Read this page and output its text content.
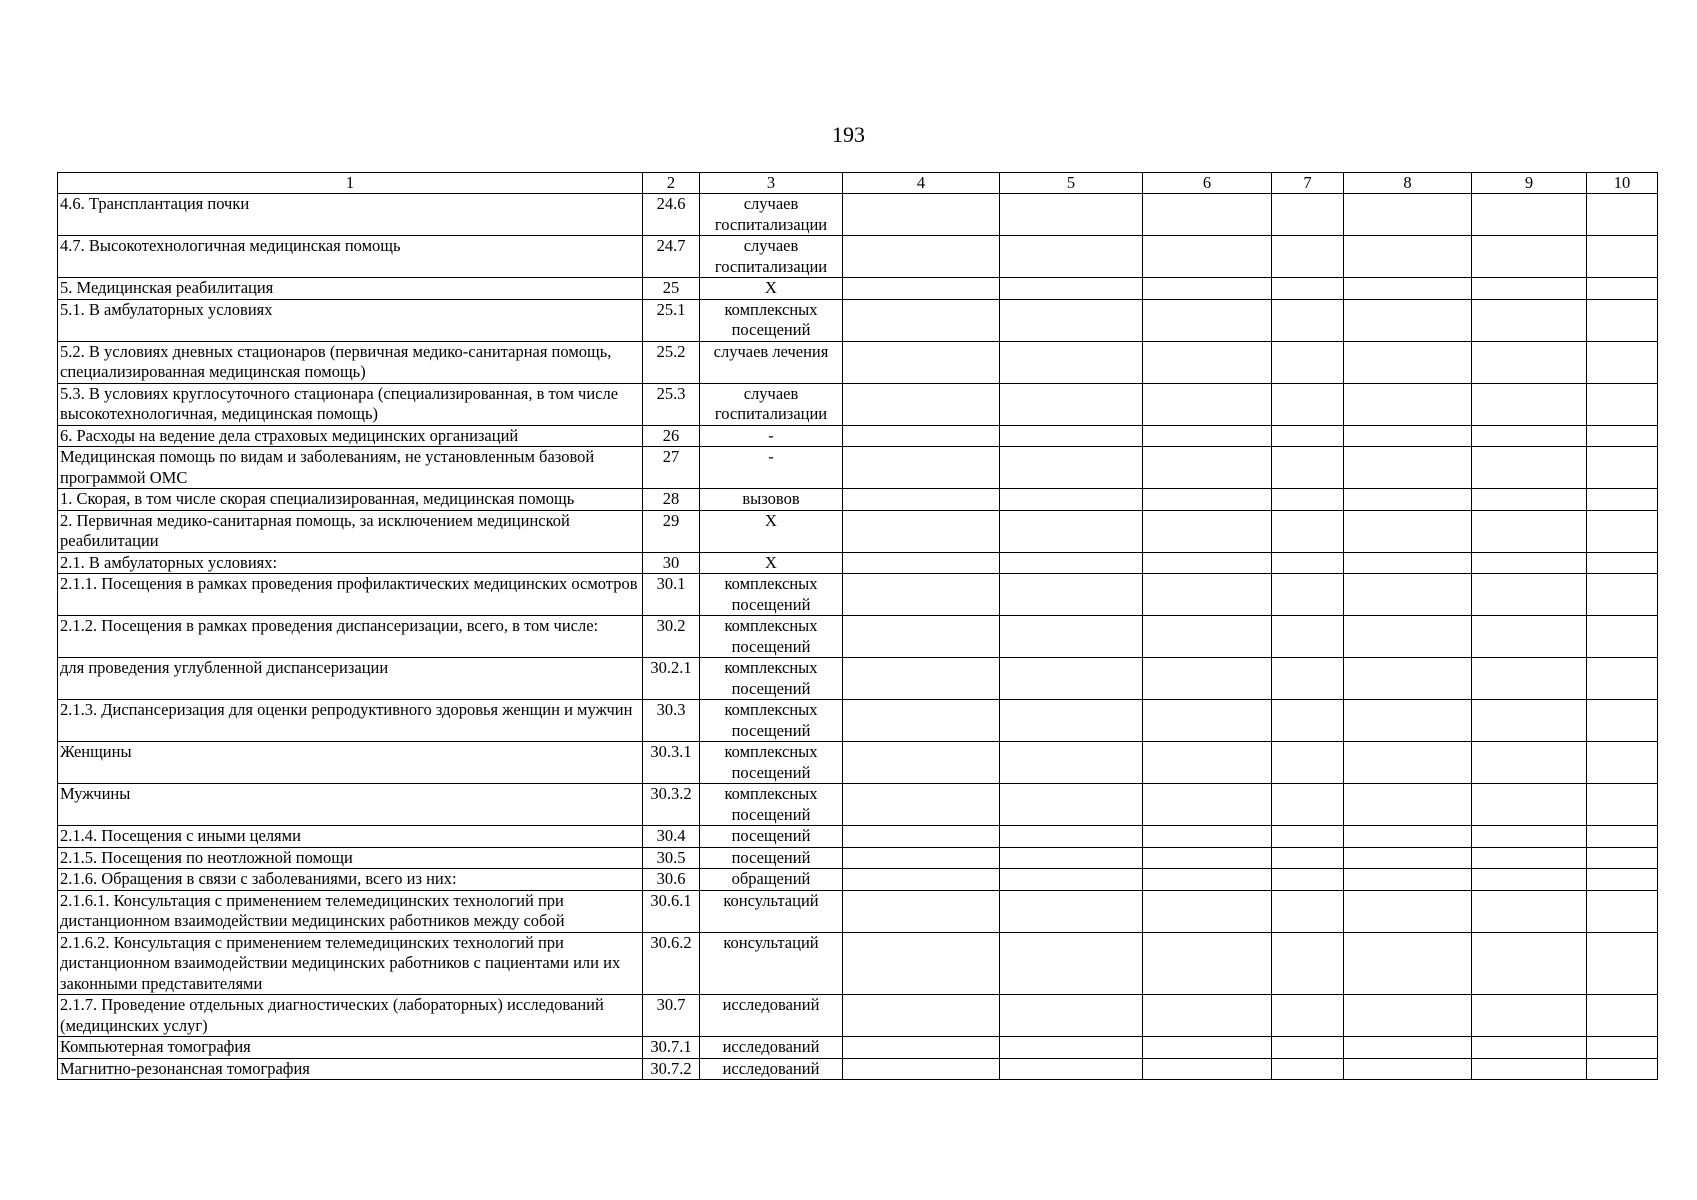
193
1	2	3	4	5	6	7	8	9	10
4.6. Трансплантация почки	24.6	случаев госпитализации							
4.7. Высокотехнологичная медицинская помощь	24.7	случаев госпитализации							
5. Медицинская реабилитация	25	Х							
5.1. В амбулаторных условиях	25.1	комплексных посещений							
5.2. В условиях дневных стационаров (первичная медико-санитарная помощь, специализированная медицинская помощь)	25.2	случаев лечения							
5.3. В условиях круглосуточного стационара (специализированная, в том числе высокотехнологичная, медицинская помощь)	25.3	случаев госпитализации							
6. Расходы на ведение дела страховых медицинских организаций	26	-							
Медицинская помощь по видам и заболеваниям, не установленным базовой программой ОМС	27	-							
1. Скорая, в том числе скорая специализированная, медицинская помощь	28	вызовов							
2. Первичная медико-санитарная помощь, за исключением медицинской реабилитации	29	Х							
2.1. В амбулаторных условиях:	30	Х							
2.1.1. Посещения в рамках проведения профилактических медицинских осмотров	30.1	комплексных посещений							
2.1.2. Посещения в рамках проведения диспансеризации, всего, в том числе:	30.2	комплексных посещений							
для проведения углубленной диспансеризации	30.2.1	комплексных посещений							
2.1.3. Диспансеризация для оценки репродуктивного здоровья женщин и мужчин	30.3	комплексных посещений							
Женщины	30.3.1	комплексных посещений							
Мужчины	30.3.2	комплексных посещений							
2.1.4. Посещения с иными целями	30.4	посещений							
2.1.5. Посещения по неотложной помощи	30.5	посещений							
2.1.6. Обращения в связи с заболеваниями, всего из них:	30.6	обращений							
2.1.6.1. Консультация с применением телемедицинских технологий при дистанционном взаимодействии медицинских работников между собой	30.6.1	консультаций							
2.1.6.2. Консультация с применением телемедицинских технологий при дистанционном взаимодействии медицинских работников с пациентами или их законными представителями	30.6.2	консультаций							
2.1.7. Проведение отдельных диагностических (лабораторных) исследований (медицинских услуг)	30.7	исследований							
Компьютерная томография	30.7.1	исследований							
Магнитно-резонансная томография	30.7.2	исследований							
